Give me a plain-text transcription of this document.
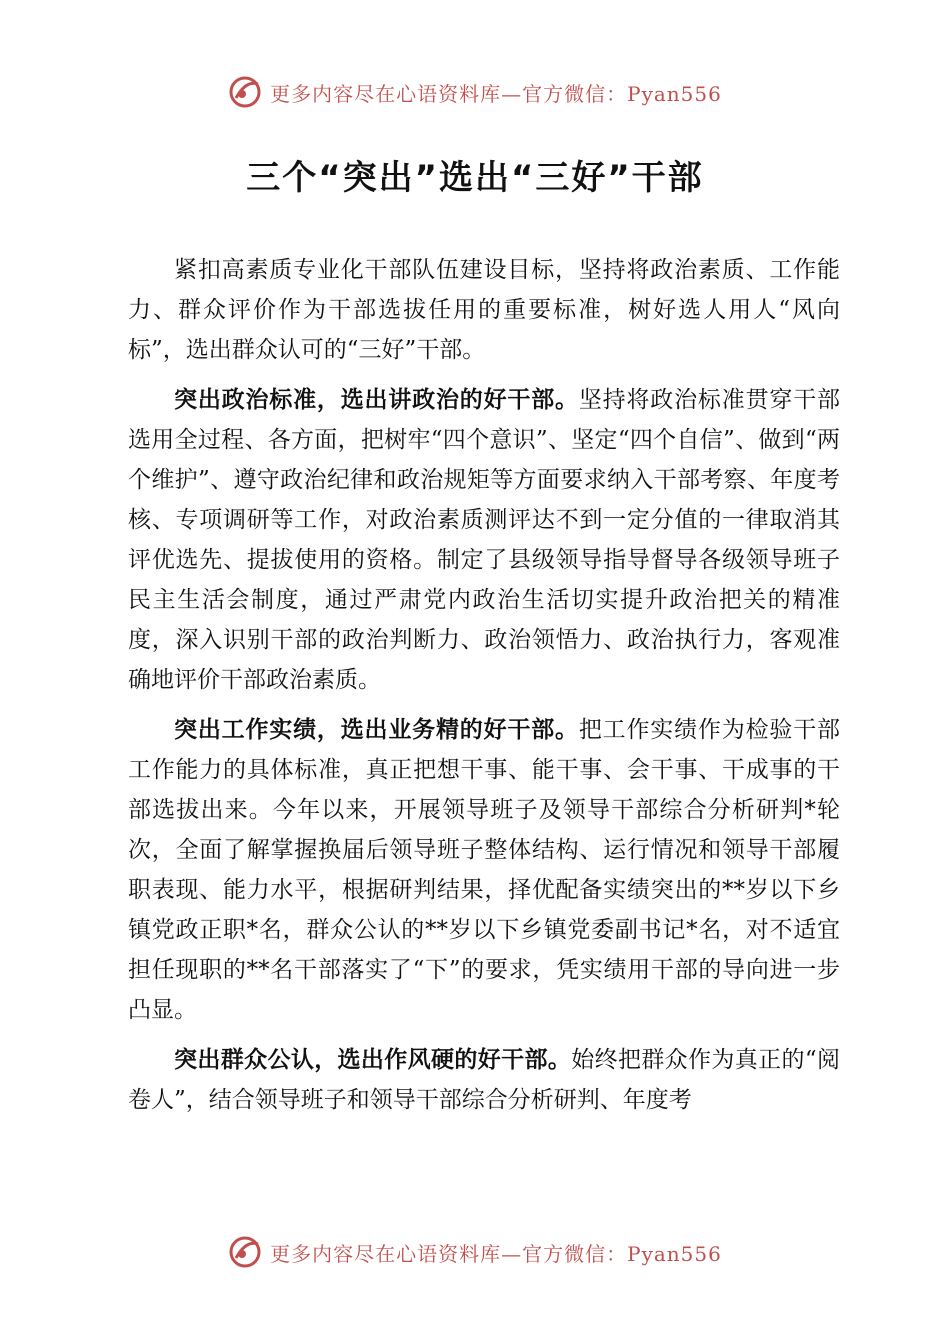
更多内容尽在心语资料库—官方微信：Pyan556
三个“突出”选出“三好”干部

紧扣高素质专业化干部队伍建设目标，坚持将政治素质、工作能力、群众评价作为干部选拔任用的重要标准，树好选人用人“风向标”，选出群众认可的“三好”干部。

突出政治标准，选出讲政治的好干部。坚持将政治标准贯穿干部选用全过程、各方面，把树牢“四个意识”、坚定“四个自信”、做到“两个维护”、遵守政治纪律和政治规矩等方面要求纳入干部考察、年度考核、专项调研等工作，对政治素质测评达不到一定分值的一律取消其评优选先、提拔使用的资格。制定了县级领导指导督导各级领导班子民主生活会制度，通过严肃党内政治生活切实提升政治把关的精准度，深入识别干部的政治判断力、政治领悟力、政治执行力，客观准确地评价干部政治素质。

突出工作实绩，选出业务精的好干部。把工作实绩作为检验干部工作能力的具体标准，真正把想干事、能干事、会干事、干成事的干部选拔出来。今年以来，开展领导班子及领导干部综合分析研判*轮次，全面了解掌握换届后领导班子整体结构、运行情况和领导干部履职表现、能力水平，根据研判结果，择优配备实绩突出的**岁以下乡镇党政正职*名，群众公认的**岁以下乡镇党委副书记*名，对不适宜担任现职的**名干部落实了“下”的要求，凭实绩用干部的导向进一步凸显。

突出群众公认，选出作风硬的好干部。始终把群众作为真正的“阅卷人”，结合领导班子和领导干部综合分析研判、年度考

更多内容尽在心语资料库—官方微信：Pyan556
